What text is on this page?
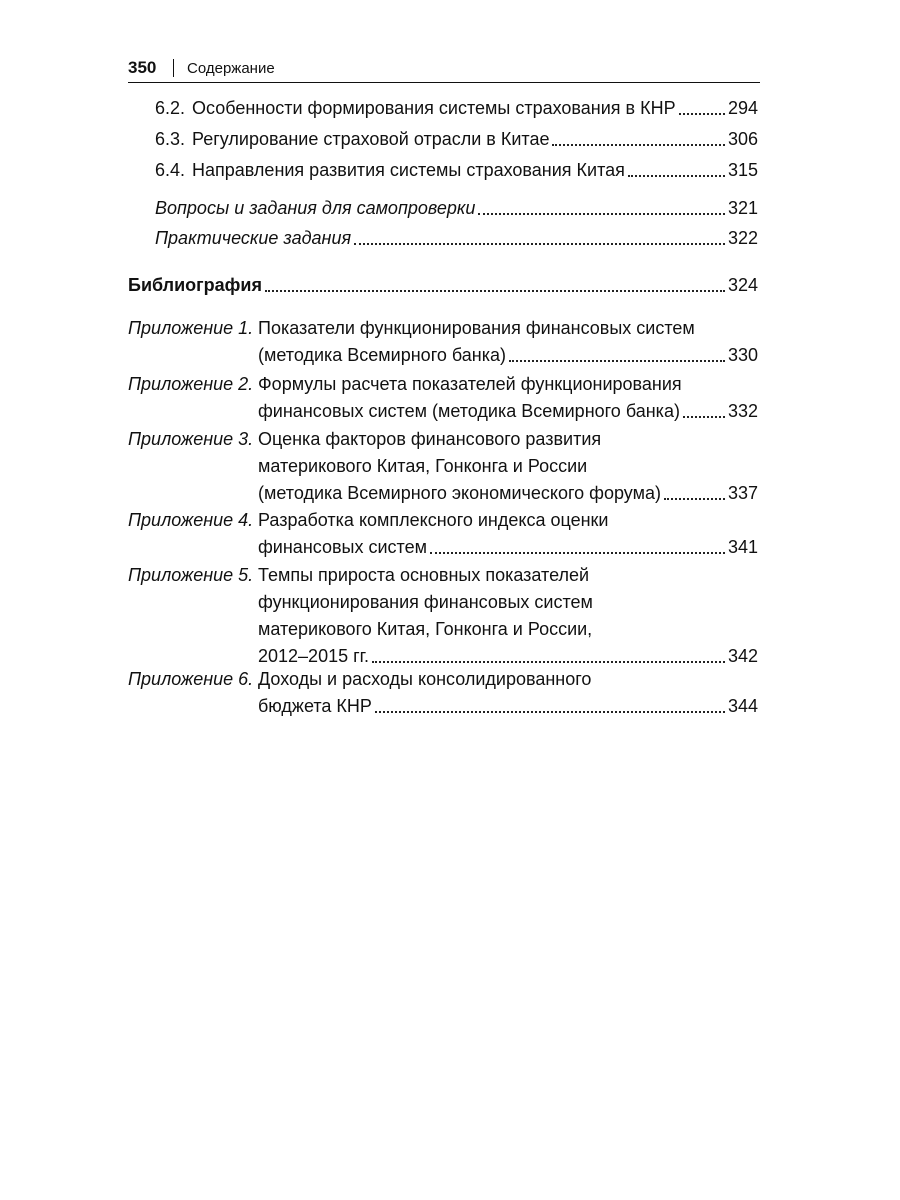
350 Содержание
6.2. Особенности формирования системы страхования в КНР	294
6.3. Регулирование страховой отрасли в Китае	306
6.4. Направления развития системы страхования Китая	315
Вопросы и задания для самопроверки	321
Практические задания	322
Библиография	324
Приложение 1. Показатели функционирования финансовых систем
(методика Всемирного банка)	330
Приложение 2. Формулы расчета показателей функционирования
финансовых систем (методика Всемирного банка)	332
Приложение 3. Оценка факторов финансового развития
материкового Китая, Гонконга и России
(методика Всемирного экономического форума)	337
Приложение 4. Разработка комплексного индекса оценки
финансовых систем	341
Приложение 5. Темпы прироста основных показателей
функционирования финансовых систем
материкового Китая, Гонконга и России,
2012–2015 гг.	342
Приложение 6. Доходы и расходы консолидированного
бюджета КНР	344
